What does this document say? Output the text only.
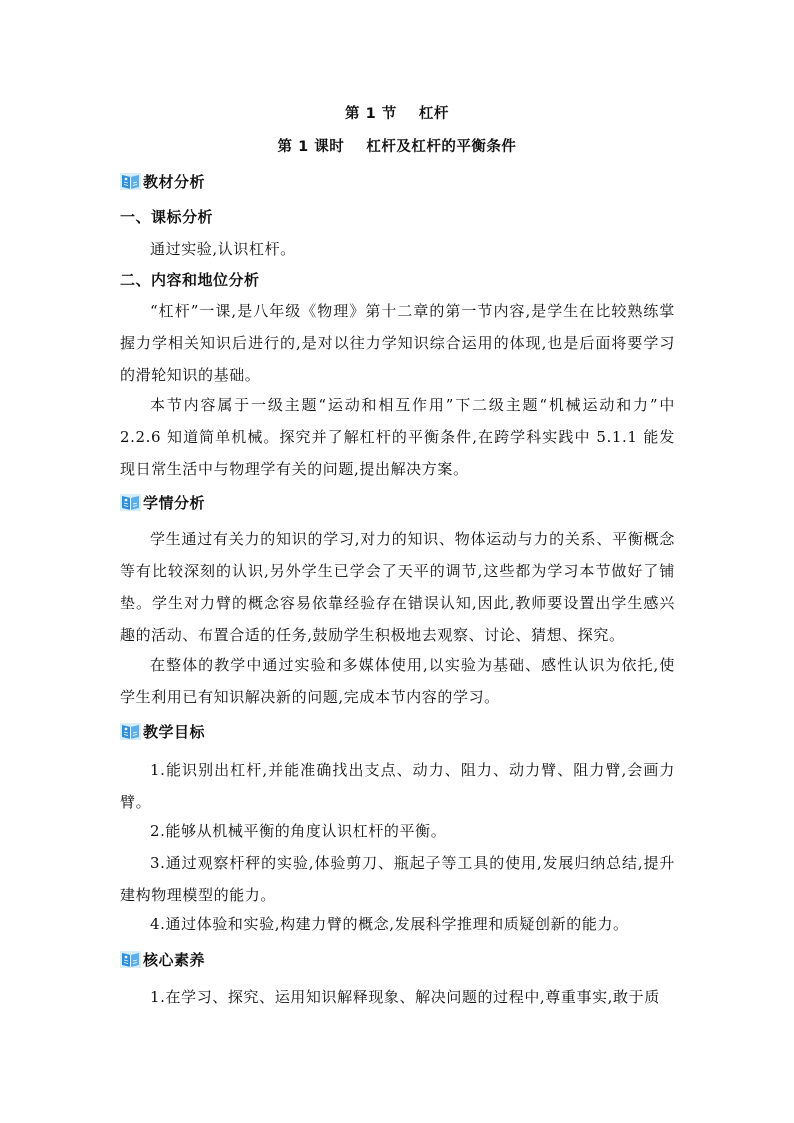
第 1 节    杠杆
第 1 课时    杠杆及杠杆的平衡条件
教材分析
一、课标分析
通过实验,认识杠杆。
二、内容和地位分析
“杠杆”一课,是八年级《物理》第十二章的第一节内容,是学生在比较熟练掌握力学相关知识后进行的,是对以往力学知识综合运用的体现,也是后面将要学习的滑轮知识的基础。
本节内容属于一级主题“运动和相互作用”下二级主题“机械运动和力”中 2.2.6 知道简单机械。探究并了解杠杆的平衡条件,在跨学科实践中 5.1.1 能发现日常生活中与物理学有关的问题,提出解决方案。
学情分析
学生通过有关力的知识的学习,对力的知识、物体运动与力的关系、平衡概念等有比较深刻的认识,另外学生已学会了天平的调节,这些都为学习本节做好了铺垫。学生对力臂的概念容易依靠经验存在错误认知,因此,教师要设置出学生感兴趣的活动、布置合适的任务,鼓励学生积极地去观察、讨论、猜想、探究。
在整体的教学中通过实验和多媒体使用,以实验为基础、感性认识为依托,使学生利用已有知识解决新的问题,完成本节内容的学习。
教学目标
1.能识别出杠杆,并能准确找出支点、动力、阻力、动力臂、阻力臂,会画力臂。
2.能够从机械平衡的角度认识杠杆的平衡。
3.通过观察杆秤的实验,体验剪刀、瓶起子等工具的使用,发展归纳总结,提升建构物理模型的能力。
4.通过体验和实验,构建力臂的概念,发展科学推理和质疑创新的能力。
核心素养
1.在学习、探究、运用知识解释现象、解决问题的过程中,尊重事实,敢于质
